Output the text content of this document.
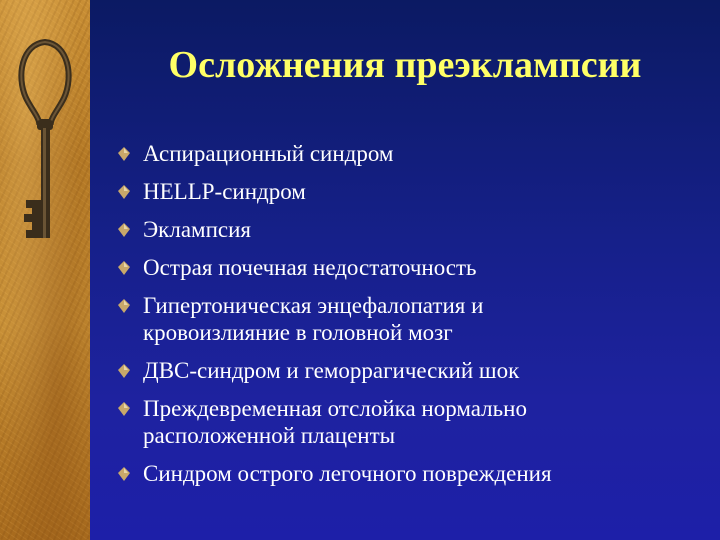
Осложнения преэклампсии
Аспирационный синдром
HELLP-синдром
Эклампсия
Острая почечная недостаточность
Гипертоническая энцефалопатия и
кровоизлияние в головной мозг
ДВС-синдром и геморрагический шок
Преждевременная отслойка нормально
расположенной плаценты
Синдром острого легочного повреждения
